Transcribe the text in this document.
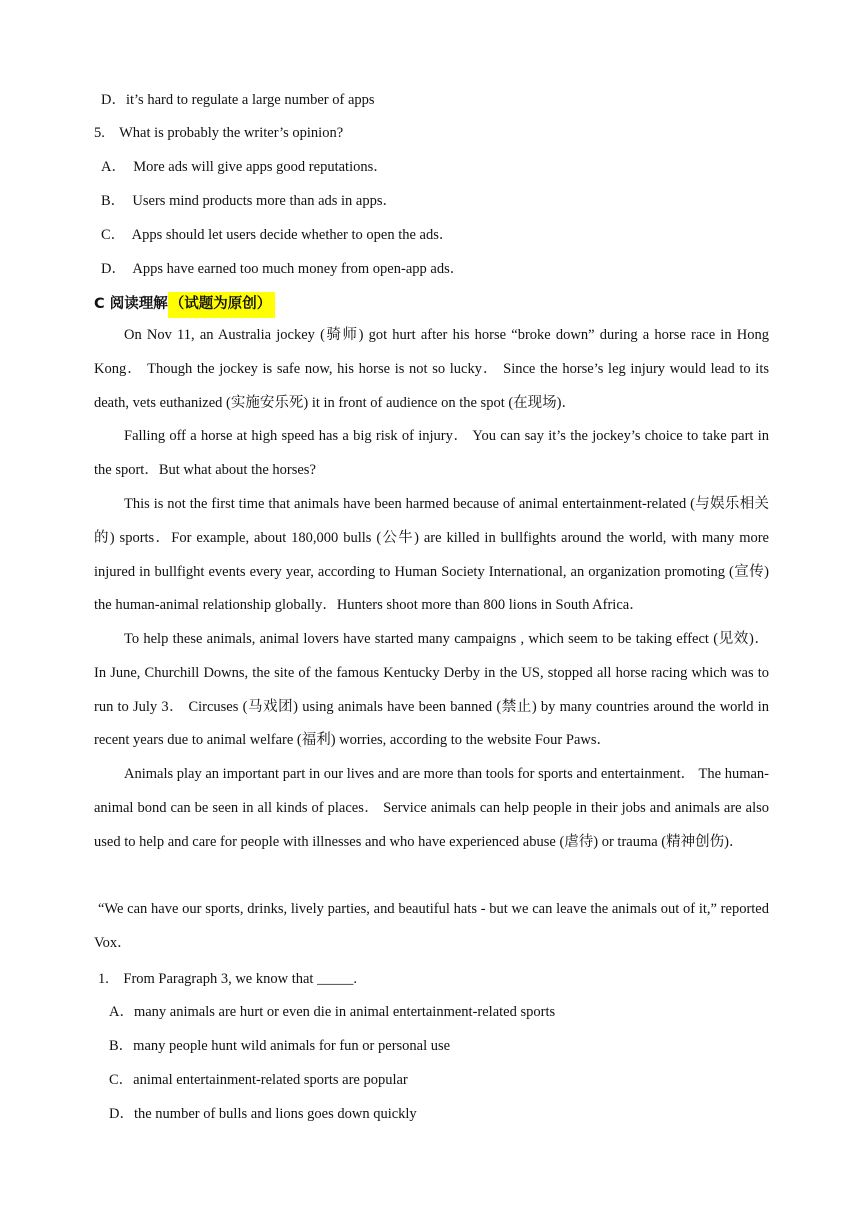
D．it’s hard to regulate a large number of apps
5.    What is probably the writer’s opinion?
A．  More ads will give apps good reputations．
B．  Users mind products more than ads in apps．
C．  Apps should let users decide whether to open the ads．
D．  Apps have earned too much money from open-app ads．
C 阅读理解 （试题为原创）
On Nov 11, an Australia jockey (骑师) got hurt after his horse “broke down” during a horse race in Hong Kong． Though the jockey is safe now, his horse is not so lucky． Since the horse’s leg injury would lead to its death, vets euthanized (实施安乐死) it in front of audience on the spot (在现场)．
Falling off a horse at high speed has a big risk of injury． You can say it’s the jockey’s choice to take part in the sport．But what about the horses?
This is not the first time that animals have been harmed because of animal entertainment-related (与娱乐相关的) sports．For example, about 180,000 bulls (公牛) are killed in bullfights around the world, with many more injured in bullfight events every year, according to Human Society International, an organization promoting (宣传) the human-animal relationship globally．Hunters shoot more than 800 lions in South Africa．
To help these animals, animal lovers have started many campaigns , which seem to be taking effect (见效)． In June, Churchill Downs, the site of the famous Kentucky Derby in the US, stopped all horse racing which was to run to July 3． Circuses (马戏团) using animals have been banned (禁止) by many countries around the world in recent years due to animal welfare (福利) worries, according to the website Four Paws．
Animals play an important part in our lives and are more than tools for sports and entertainment． The human-animal bond can be seen in all kinds of places． Service animals can help people in their jobs and animals are also used to help and care for people with illnesses and who have experienced abuse (虐待) or trauma (精神创伤)．
“We can have our sports, drinks, lively parties, and beautiful hats - but we can leave the animals out of it,” reported Vox．
1.    From Paragraph 3, we know that _____.
A．many animals are hurt or even die in animal entertainment-related sports
B．many people hunt wild animals for fun or personal use
C．animal entertainment-related sports are popular
D．the number of bulls and lions goes down quickly
